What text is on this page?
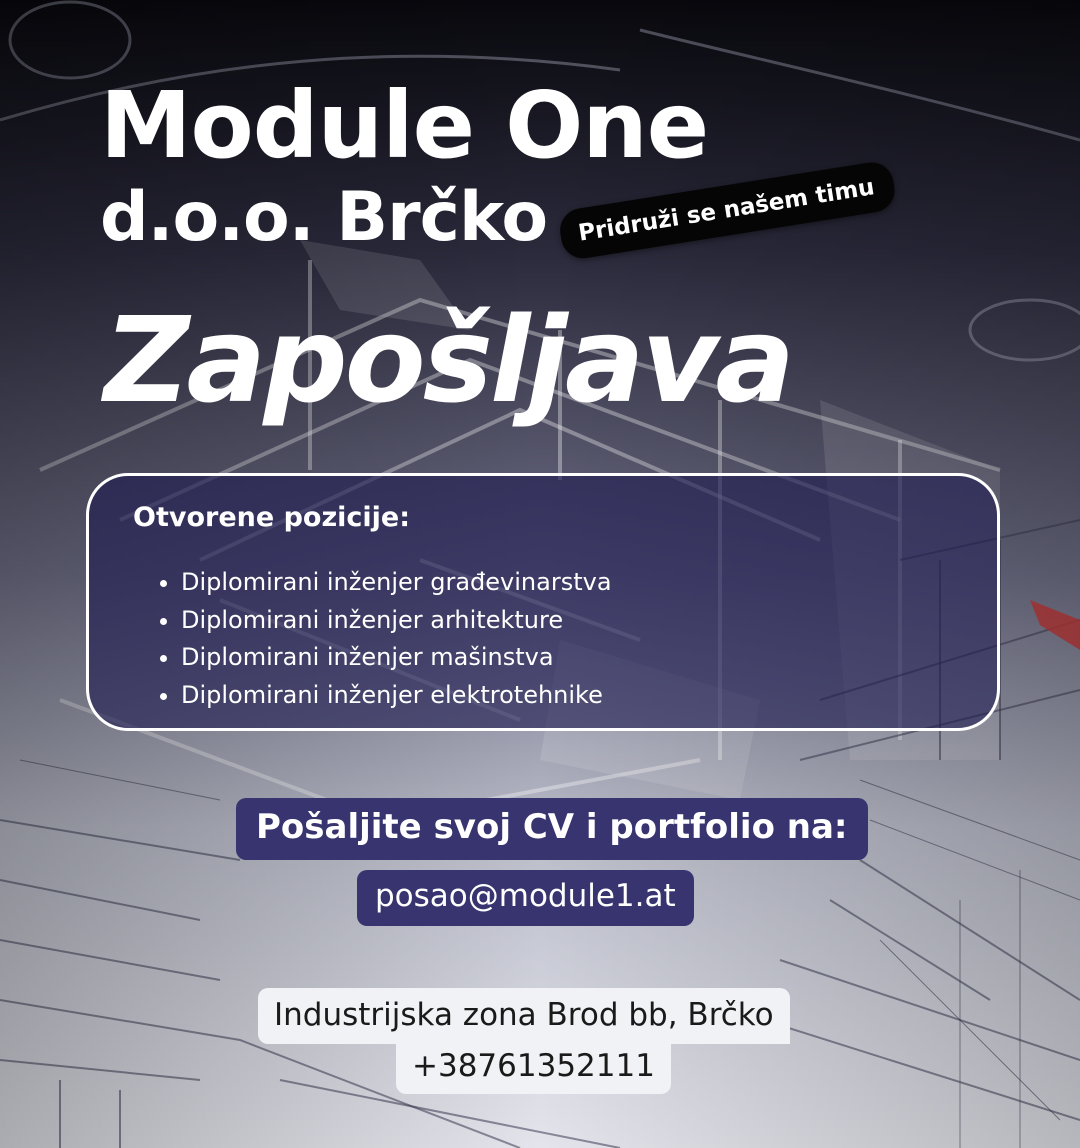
Module One
d.o.o. Brčko	Pridruži se našem timu
Zapošljava
Otvorene pozicije:
• Diplomirani inženjer građevinarstva
• Diplomirani inženjer arhitekture
• Diplomirani inženjer mašinstva
• Diplomirani inženjer elektrotehnike
Pošaljite svoj CV i portfolio na:
posao@module1.at
Industrijska zona Brod bb, Brčko
+38761352111
